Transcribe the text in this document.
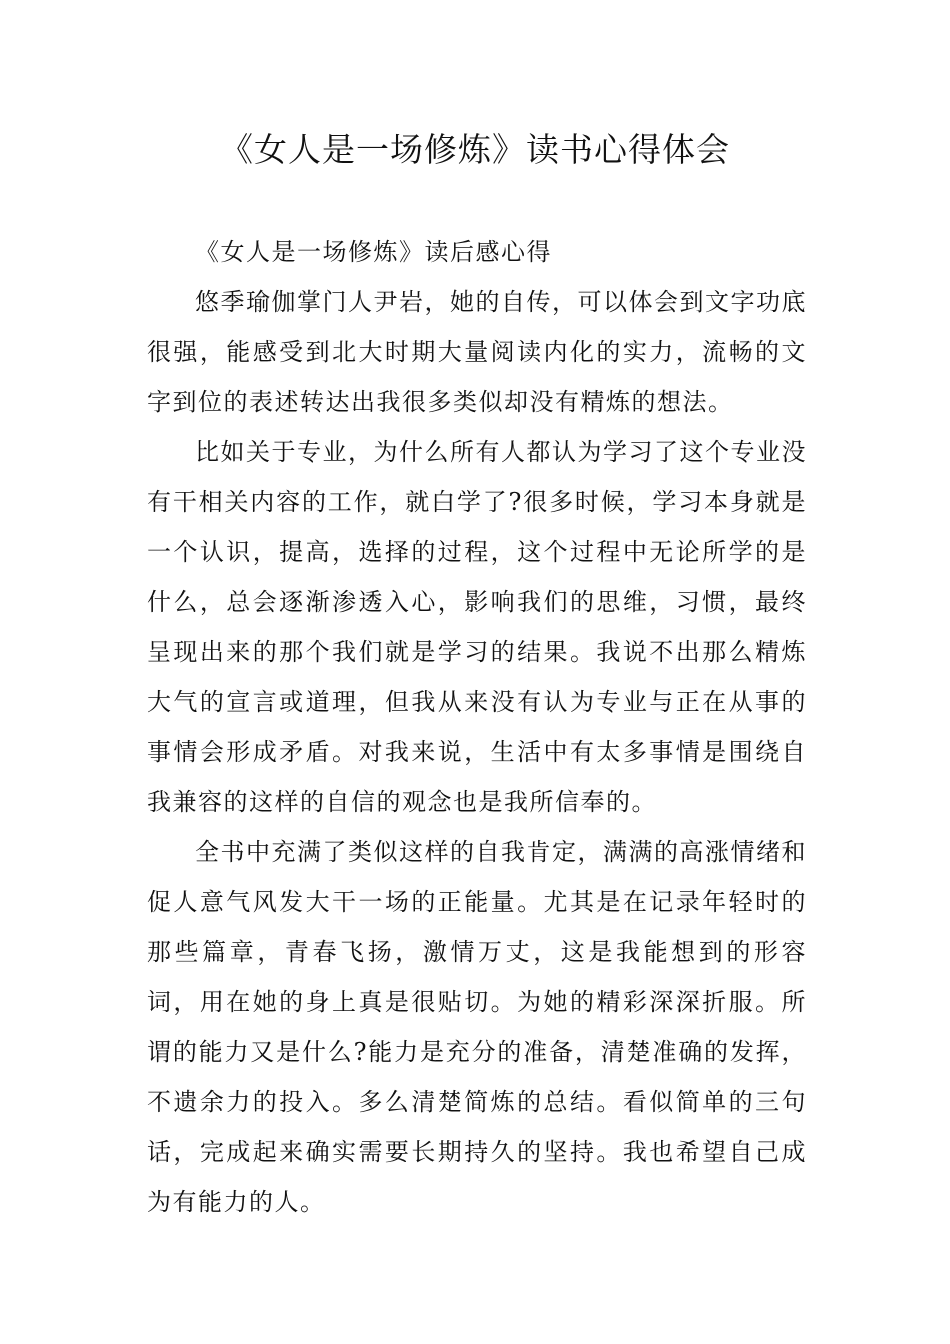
《女人是一场修炼》读书心得体会

《女人是一场修炼》读后感心得

悠季瑜伽掌门人尹岩，她的自传，可以体会到文字功底很强，能感受到北大时期大量阅读内化的实力，流畅的文字到位的表述转达出我很多类似却没有精炼的想法。

比如关于专业，为什么所有人都认为学习了这个专业没有干相关内容的工作，就白学了?很多时候，学习本身就是一个认识，提高，选择的过程，这个过程中无论所学的是什么，总会逐渐渗透入心，影响我们的思维，习惯，最终呈现出来的那个我们就是学习的结果。我说不出那么精炼大气的宣言或道理，但我从来没有认为专业与正在从事的事情会形成矛盾。对我来说，生活中有太多事情是围绕自我兼容的这样的自信的观念也是我所信奉的。

全书中充满了类似这样的自我肯定，满满的高涨情绪和促人意气风发大干一场的正能量。尤其是在记录年轻时的那些篇章，青春飞扬，激情万丈，这是我能想到的形容词，用在她的身上真是很贴切。为她的精彩深深折服。所谓的能力又是什么?能力是充分的准备，清楚准确的发挥，不遗余力的投入。多么清楚简炼的总结。看似简单的三句话，完成起来确实需要长期持久的坚持。我也希望自己成为有能力的人。
